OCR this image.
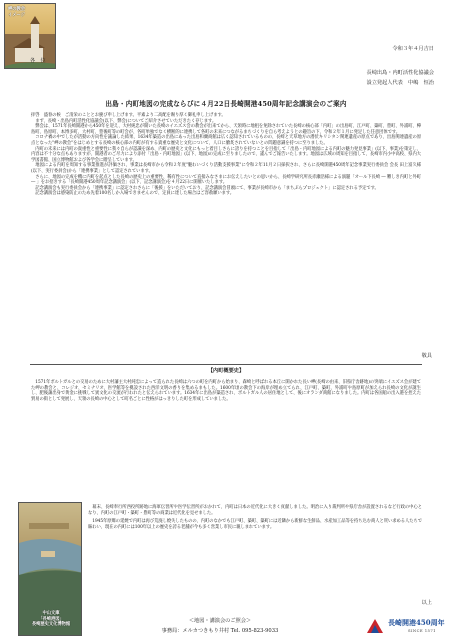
岬の教会
イメージ
令和３年４月吉日
各　位
長崎出島・内町活性化協議会
設立発起人代表　中嶋　恒治
出島・内町地図の完成ならびに４月22日長崎開港450周年記念講演会のご案内

拝啓　盛春の候　ご清栄のこととお慶び申し上げます。平素より二高配を賜り厚く御礼申し上げます。

まず、長崎・出島内町活性化協議会(以下、弊会)についてご紹介させていただきたく存じます。

弊会は、1571年長崎開港から450年を迎え、大村純忠が開いた長崎のイエズス会の教会が出来てから、天領時に地租を免除されていた長崎の核心部「内町」の出島町、江戸町、築町、豊町、外浦町、樺島町、島原町、本博多町、大村町、豊後町等の町会が、各町単独でなく横断的に連携して各町の未来につながるまちづくりを自ら考えようとの趣旨の下、令和２年１月に発足した任意団体です。

コロナ禍の中でしたが活動の方向性を議論した結果、1634年築造の出島にあった出島和蘭商館は広く認知されているものの、長崎と天草地方の潜伏キリシタン関連遺産の原点であり、出島関連遺産の原点となった"岬の教会"をはじめとする長崎の核心部の内町が有する貴重な歴史と文化について、人口に膾炙されていないとの問題意識を持つに至りました。

内町の未来には内町の貴重性と重要性に我々自らが認識を深め、内町の歴史と文化にもっと着目しさらに誇りを持つことを目指して「出島・内町地図による内町の魅力発見事業」(以下、事業)を策定し、内容は不十分な点もありますが、開港者のご尽力により添付「出島・内町地図」(以下、地図)の完成に至りましたので、謹んでご報告いたします。地図は広域の周知を目指して、長崎市内小中高校、県内大学図書館、国立博物館および各学会に贈呈しています。

地図による内町を周知する事業推進が評価され、事業は長崎市から令和２年度"魅わいづくり活動支援事業"に令和２年11月２日採択され、さらに長崎開港450周年記念事業実行委員会 会長 田上富久様(以下、実行委員会)から「連携事業」として認定されています。

さらに、地図の完成を機に内町を起点とした長崎の歴史上の重要性、稀有性について直接みなさまにお伝えしたいとの思いから、長崎学研究所長赤瀬浩様による演題「オール下長崎 ― 難しき内町と外町 ― 」をお招きする「長崎開港450周年記念講演会」(以下、記念講演会)を４月22日に開催いたします。

記念講演会も実行委員会から「連携事業」に認定されさらに「後援」をいただいており、記念講演会冒頭にて、事業が長崎市から「まちぶらプロジェクト」に認定される予定です。

記念講演会は感染防止のため先着100名しか入場できませんので、定員に達した場合はご容赦願います。

敬具
【内町概要史】
1571年ポルトガルとの交易のために大村藩主大村純忠によって造られた長崎は六つの町を内町から始まり、森崎と呼ばれる本丘に開かれた長い岬(長崎の由来、旧県庁舎跡地)の突端にイエズス会が建てた岬の教会と、コレジオ、セミナリオ、医学館等を拠設された西洋文明の香りを集めるまもした。1600年頃の教会下の海岸が埋め立てられ、江戸町、築町、外浦町や島原町が加えられ長崎の文化が誕生し、肥後藩出身で黄金に挑戦して異文化の交流が行われたと伝えられています。1634年に出島が築造され、ポルトガル人の居住地として、後にオランダ商館になりました。内町は各国船の出入港を控えた貿易の街として発展し、天領の長崎の中心として町名ごとに性格がはっきりした町を形成していました。
中山文庫
「長崎港図」
長崎歴史文化博物館

幕末、長崎奉行所西役所跡地に海軍伝習所や医学伝習所がおかれて、内町は日本の近代化に大きく貢献しました。明治に入り裁判所や県庁舎が設置されるなど行政の中心となり、内町の江戸町・築町・豊町等の商業は近代化を見せました。

1945年原爆の延焼で内町は再び荒廃し焼失したものの、内町のなかでも江戸町、築町、築町には近隣から新鮮な生鮮品、水産加工品等を持ち込む商人と買い求める人たちで賑わい、現在の内町には100年以上の歴史を誇る老舗が今も多く営業し市民に親しまれています。

以上
＜地図・講演会のご照会＞
事務局：メルカつきもり井村 Tel. 095-823-9033
長崎開港450周年
SINCE 1571
